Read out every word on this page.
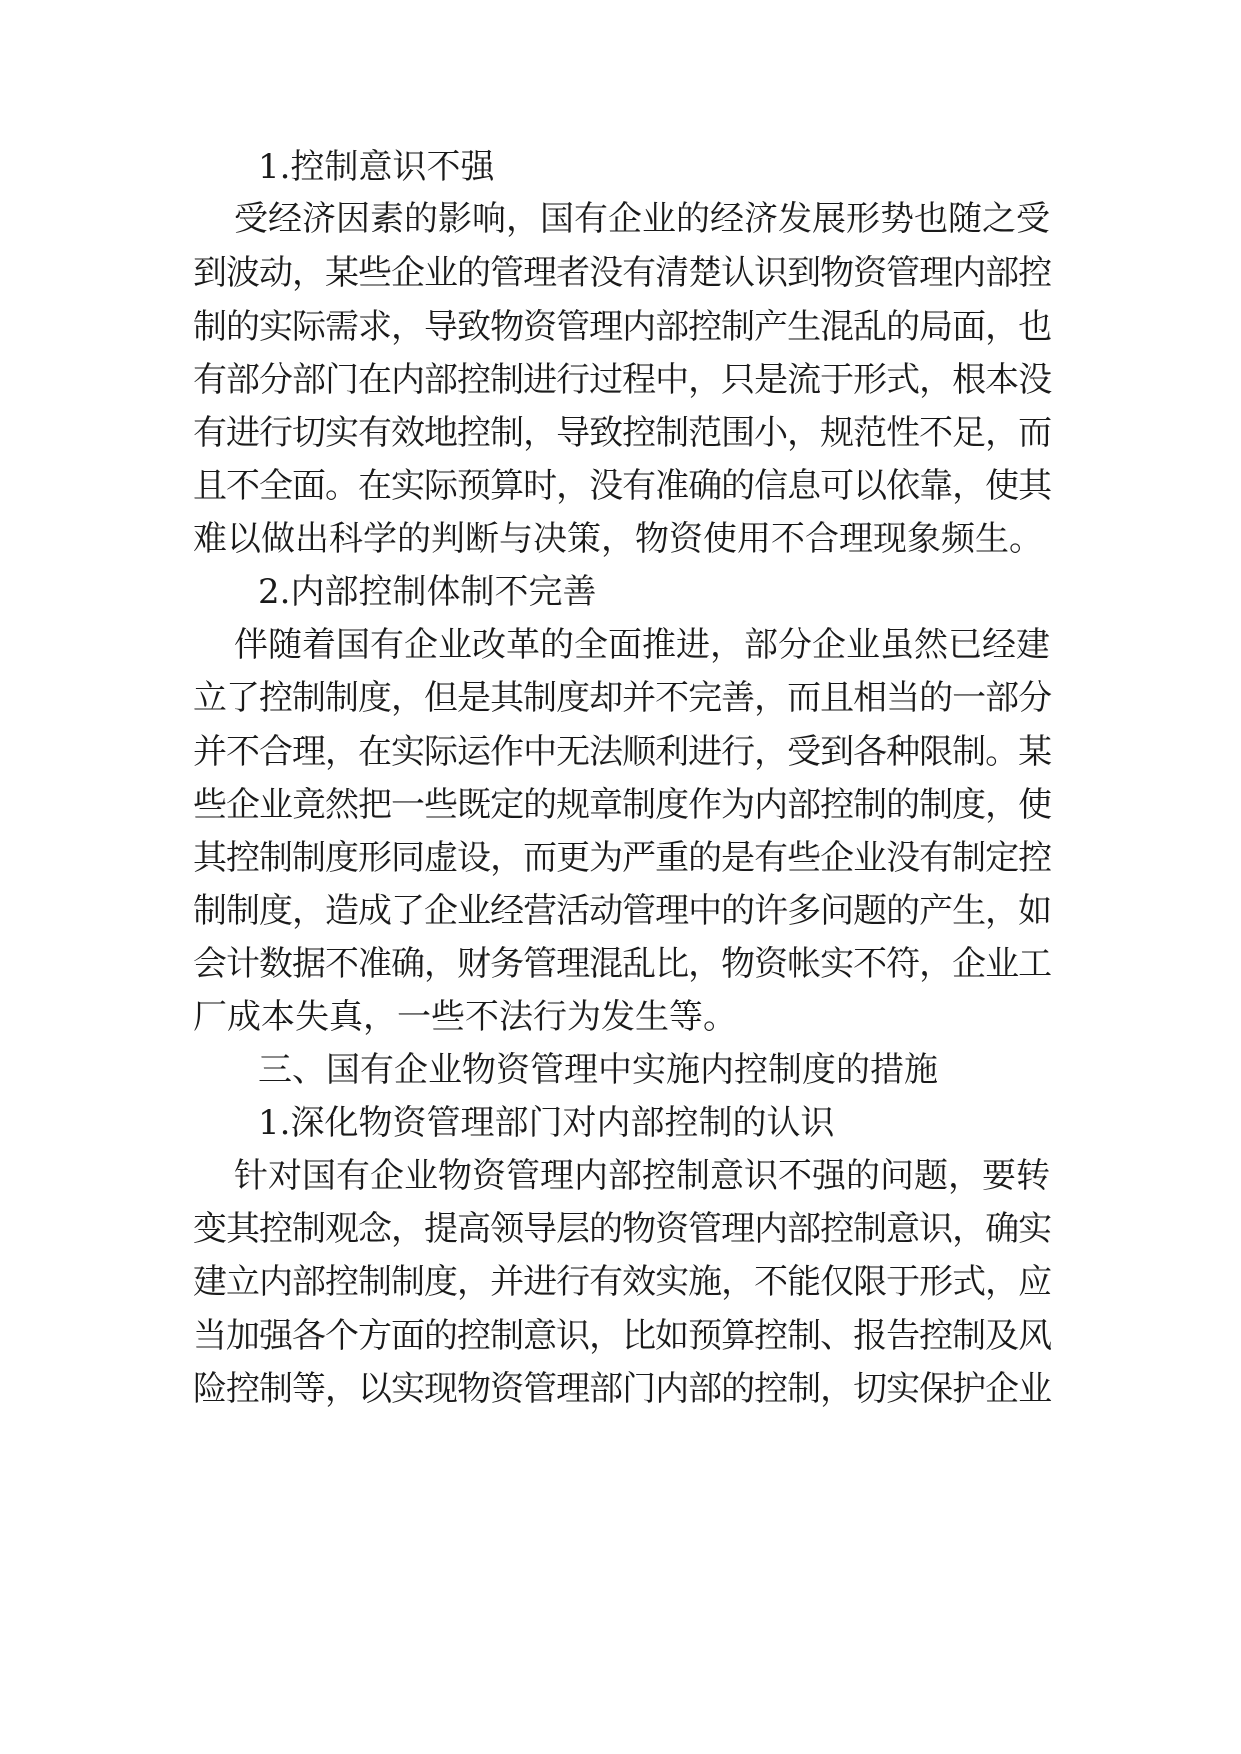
1.控制意识不强
受经济因素的影响，国有企业的经济发展形势也随之受
到波动，某些企业的管理者没有清楚认识到物资管理内部控
制的实际需求，导致物资管理内部控制产生混乱的局面，也
有部分部门在内部控制进行过程中，只是流于形式，根本没
有进行切实有效地控制，导致控制范围小，规范性不足，而
且不全面。在实际预算时，没有准确的信息可以依靠，使其
难以做出科学的判断与决策，物资使用不合理现象频生。
2.内部控制体制不完善
伴随着国有企业改革的全面推进，部分企业虽然已经建
立了控制制度，但是其制度却并不完善，而且相当的一部分
并不合理，在实际运作中无法顺利进行，受到各种限制。某
些企业竟然把一些既定的规章制度作为内部控制的制度，使
其控制制度形同虚设，而更为严重的是有些企业没有制定控
制制度，造成了企业经营活动管理中的许多问题的产生，如
会计数据不准确，财务管理混乱比，物资帐实不符，企业工
厂成本失真，一些不法行为发生等。
三、国有企业物资管理中实施内控制度的措施
1.深化物资管理部门对内部控制的认识
针对国有企业物资管理内部控制意识不强的问题，要转
变其控制观念，提高领导层的物资管理内部控制意识，确实
建立内部控制制度，并进行有效实施，不能仅限于形式，应
当加强各个方面的控制意识，比如预算控制、报告控制及风
险控制等，以实现物资管理部门内部的控制，切实保护企业
